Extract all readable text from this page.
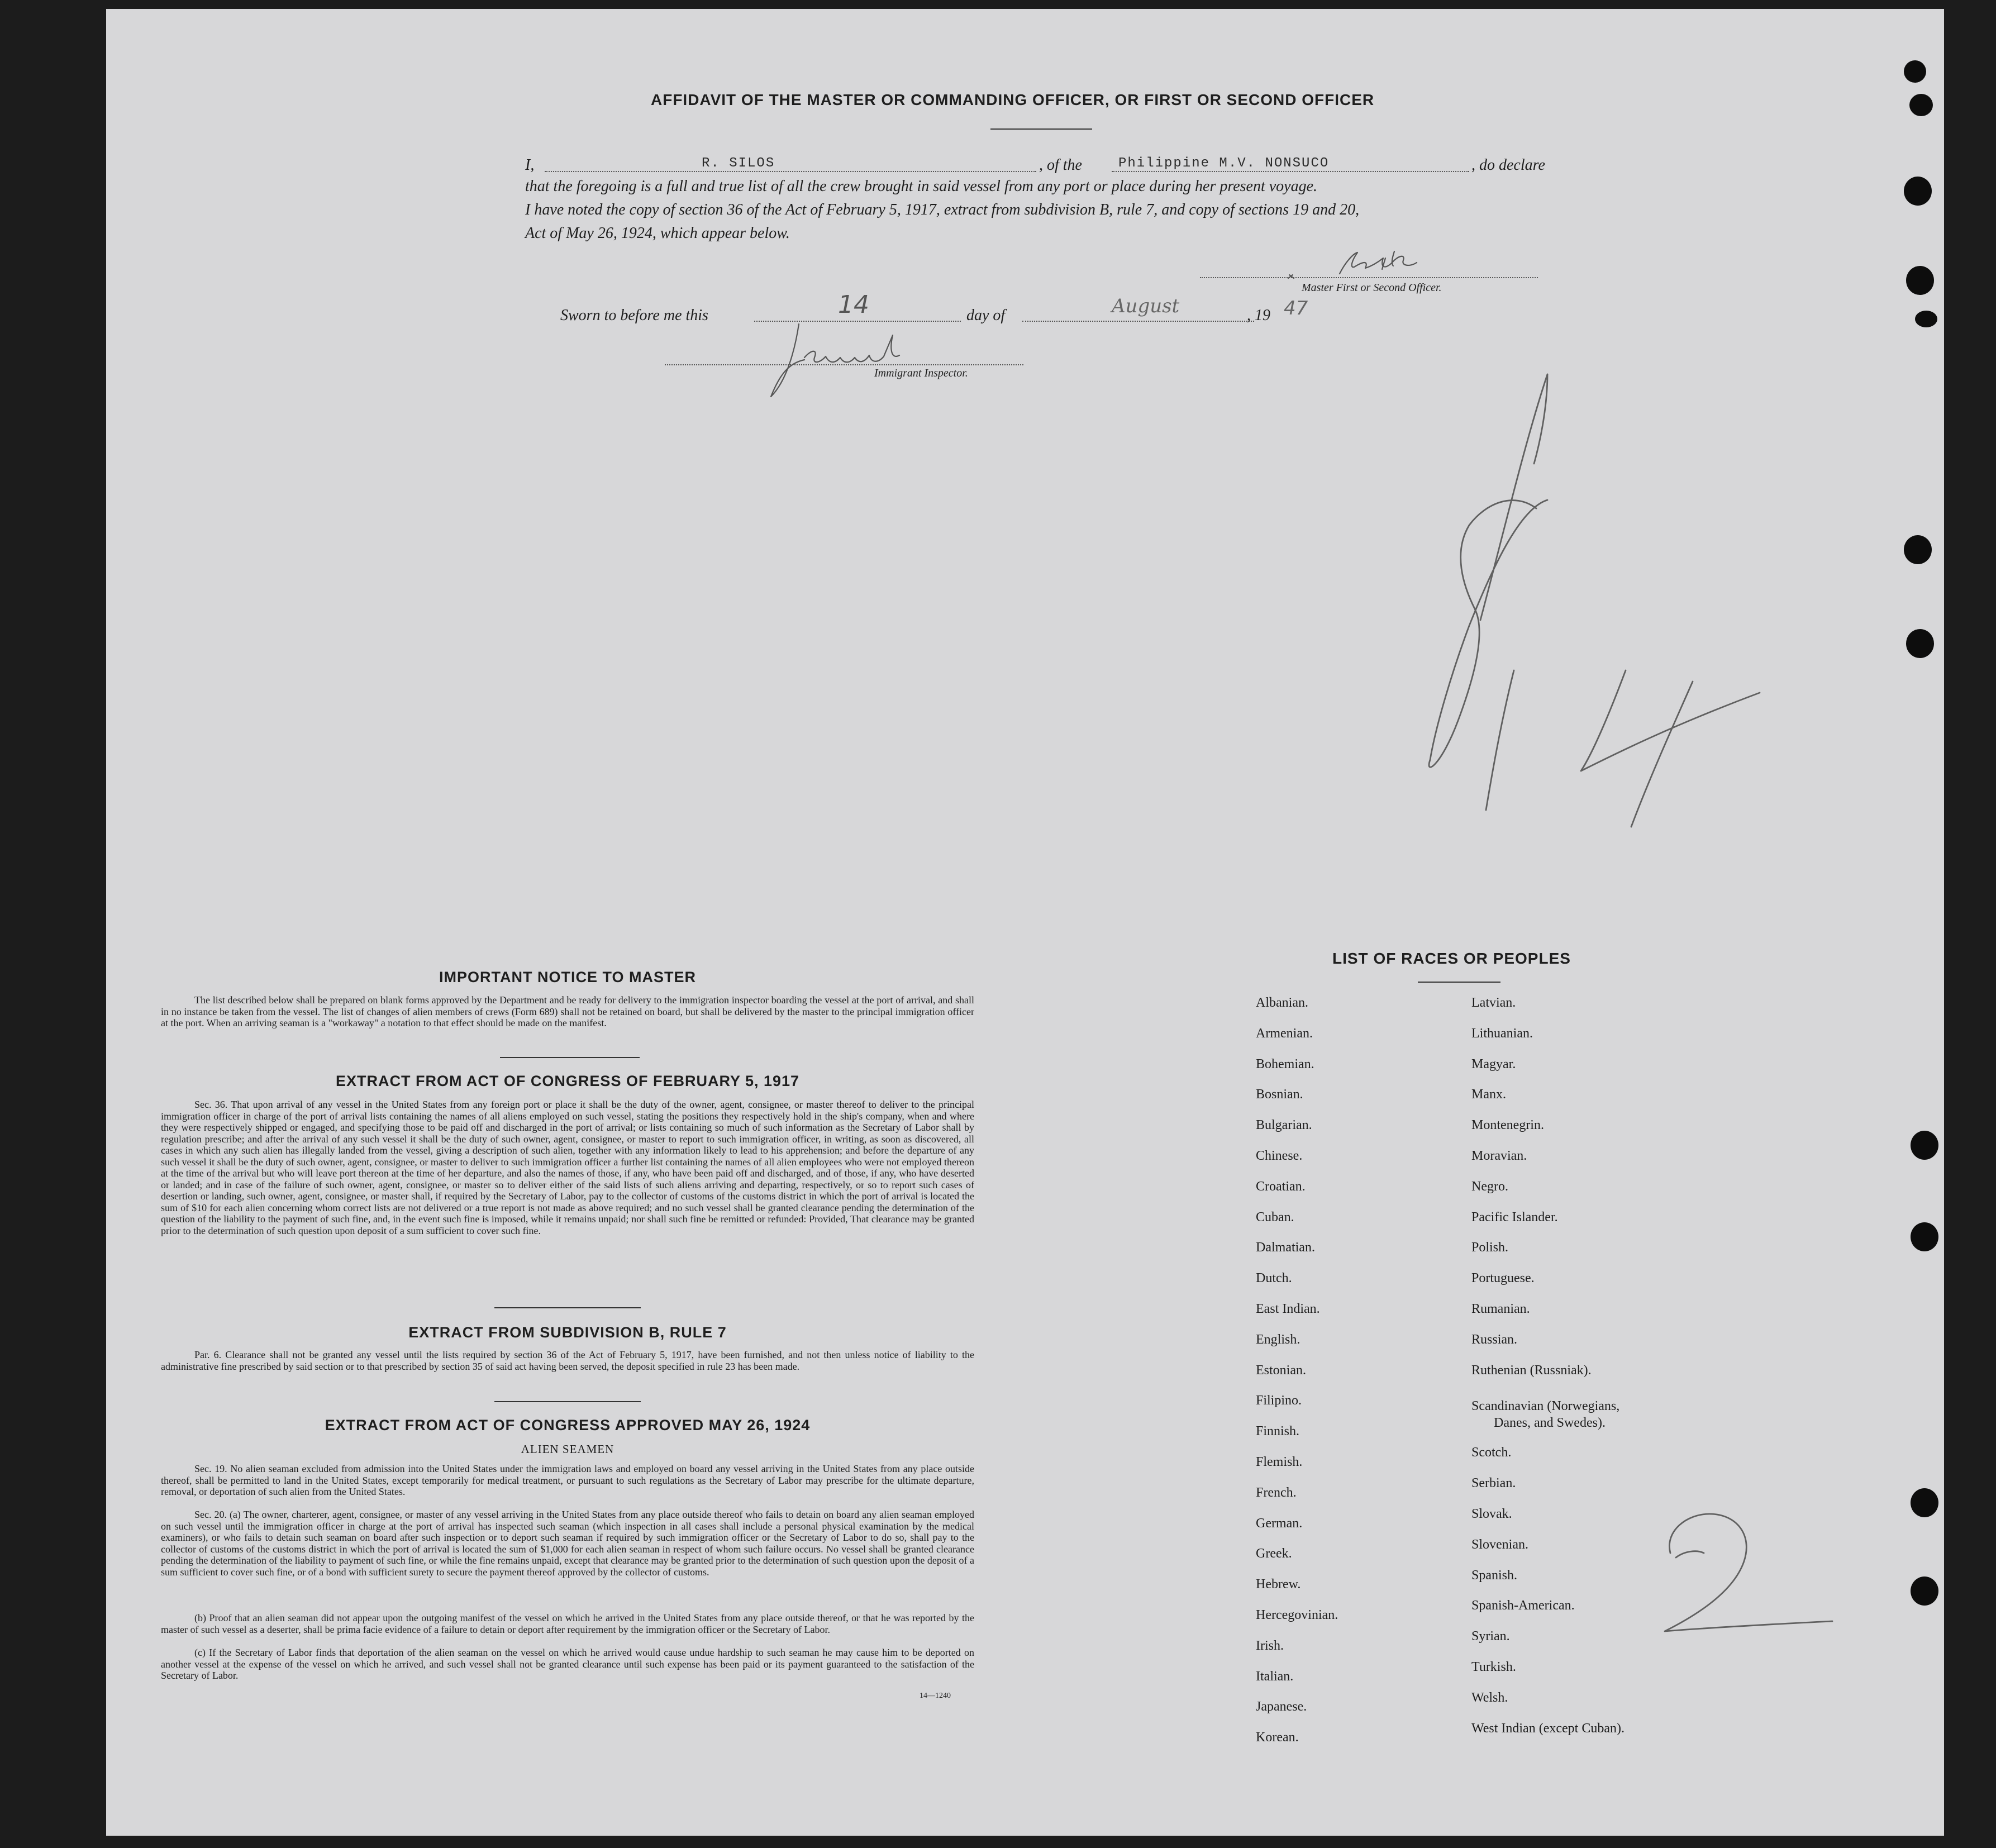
AFFIDAVIT OF THE MASTER OR COMMANDING OFFICER, OR FIRST OR SECOND OFFICER
I,	R. SILOS	, of the	Philippine M.V. NONSUCO	, do declare
that the foregoing is a full and true list of all the crew brought in said vessel from any port or place during her present voyage.
I have noted the copy of section 36 of the Act of February 5, 1917, extract from subdivision B, rule 7, and copy of sections 19 and 20,
Act of May 26, 1924, which appear below.
Master First or Second Officer.
Sworn to before me this	14	day of	August	, 19 47
Immigrant Inspector.
IMPORTANT NOTICE TO MASTER
The list described below shall be prepared on blank forms approved by the Department and be ready for delivery to the immigration inspector boarding the vessel at the port of arrival, and shall in no instance be taken from the vessel. The list of changes of alien members of crews (Form 689) shall not be retained on board, but shall be delivered by the master to the principal immigration officer at the port. When an arriving seaman is a "workaway" a notation to that effect should be made on the manifest.
EXTRACT FROM ACT OF CONGRESS OF FEBRUARY 5, 1917
Sec. 36. That upon arrival of any vessel in the United States from any foreign port or place it shall be the duty of the owner, agent, consignee, or master thereof to deliver to the principal immigration officer in charge of the port of arrival lists containing the names of all aliens employed on such vessel, stating the positions they respectively hold in the ship's company, when and where they were respectively shipped or engaged, and specifying those to be paid off and discharged in the port of arrival; or lists containing so much of such information as the Secretary of Labor shall by regulation prescribe; and after the arrival of any such vessel it shall be the duty of such owner, agent, consignee, or master to report to such immigration officer, in writing, as soon as discovered, all cases in which any such alien has illegally landed from the vessel, giving a description of such alien, together with any information likely to lead to his apprehension; and before the departure of any such vessel it shall be the duty of such owner, agent, consignee, or master to deliver to such immigration officer a further list containing the names of all alien employees who were not employed thereon at the time of the arrival but who will leave port thereon at the time of her departure, and also the names of those, if any, who have been paid off and discharged, and of those, if any, who have deserted or landed; and in case of the failure of such owner, agent, consignee, or master so to deliver either of the said lists of such aliens arriving and departing, respectively, or so to report such cases of desertion or landing, such owner, agent, consignee, or master shall, if required by the Secretary of Labor, pay to the collector of customs of the customs district in which the port of arrival is located the sum of $10 for each alien concerning whom correct lists are not delivered or a true report is not made as above required; and no such vessel shall be granted clearance pending the determination of the question of the liability to the payment of such fine, and, in the event such fine is imposed, while it remains unpaid; nor shall such fine be remitted or refunded: Provided, That clearance may be granted prior to the determination of such question upon deposit of a sum sufficient to cover such fine.
EXTRACT FROM SUBDIVISION B, RULE 7
Par. 6. Clearance shall not be granted any vessel until the lists required by section 36 of the Act of February 5, 1917, have been furnished, and not then unless notice of liability to the administrative fine prescribed by said section or to that prescribed by section 35 of said act having been served, the deposit specified in rule 23 has been made.
EXTRACT FROM ACT OF CONGRESS APPROVED MAY 26, 1924
ALIEN SEAMEN
Sec. 19. No alien seaman excluded from admission into the United States under the immigration laws and employed on board any vessel arriving in the United States from any place outside thereof, shall be permitted to land in the United States, except temporarily for medical treatment, or pursuant to such regulations as the Secretary of Labor may prescribe for the ultimate departure, removal, or deportation of such alien from the United States.
Sec. 20. (a) The owner, charterer, agent, consignee, or master of any vessel arriving in the United States from any place outside thereof who fails to detain on board any alien seaman employed on such vessel until the immigration officer in charge at the port of arrival has inspected such seaman (which inspection in all cases shall include a personal physical examination by the medical examiners), or who fails to detain such seaman on board after such inspection or to deport such seaman if required by such immigration officer or the Secretary of Labor to do so, shall pay to the collector of customs of the customs district in which the port of arrival is located the sum of $1,000 for each alien seaman in respect of whom such failure occurs. No vessel shall be granted clearance pending the determination of the liability to payment of such fine, or while the fine remains unpaid, except that clearance may be granted prior to the determination of such question upon the deposit of a sum sufficient to cover such fine, or of a bond with sufficient surety to secure the payment thereof approved by the collector of customs.
(b) Proof that an alien seaman did not appear upon the outgoing manifest of the vessel on which he arrived in the United States from any place outside thereof, or that he was reported by the master of such vessel as a deserter, shall be prima facie evidence of a failure to detain or deport after requirement by the immigration officer or the Secretary of Labor.
(c) If the Secretary of Labor finds that deportation of the alien seaman on the vessel on which he arrived would cause undue hardship to such seaman he may cause him to be deported on another vessel at the expense of the vessel on which he arrived, and such vessel shall not be granted clearance until such expense has been paid or its payment guaranteed to the satisfaction of the Secretary of Labor.
14—1240
LIST OF RACES OR PEOPLES
Albanian.
Armenian.
Bohemian.
Bosnian.
Bulgarian.
Chinese.
Croatian.
Cuban.
Dalmatian.
Dutch.
East Indian.
English.
Estonian.
Filipino.
Finnish.
Flemish.
French.
German.
Greek.
Hebrew.
Hercegovinian.
Irish.
Italian.
Japanese.
Korean.
Latvian.
Lithuanian.
Magyar.
Manx.
Montenegrin.
Moravian.
Negro.
Pacific Islander.
Polish.
Portuguese.
Rumanian.
Russian.
Ruthenian (Russniak).
Scandinavian (Norwegians,
Danes, and Swedes).
Scotch.
Serbian.
Slovak.
Slovenian.
Spanish.
Spanish-American.
Syrian.
Turkish.
Welsh.
West Indian (except Cuban).
